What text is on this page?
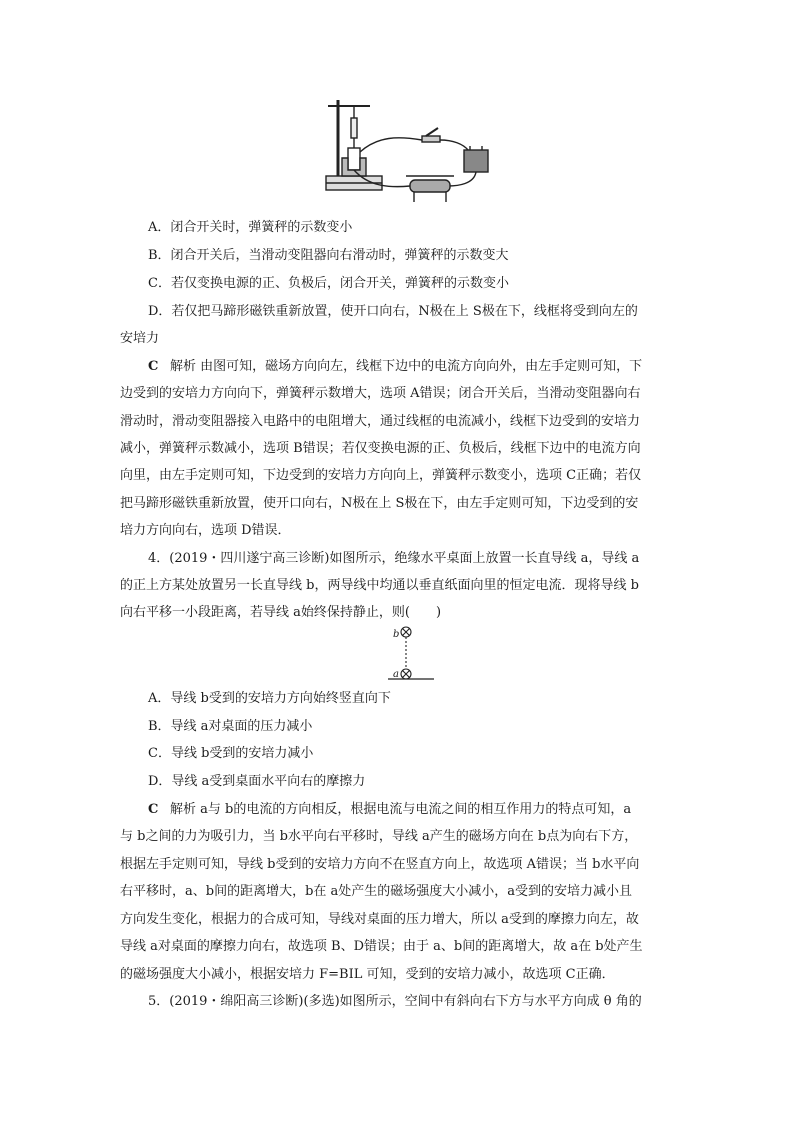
A．闭合开关时，弹簧秤的示数变小
B．闭合开关后，当滑动变阻器向右滑动时，弹簧秤的示数变大
C．若仅变换电源的正、负极后，闭合开关，弹簧秤的示数变小
D．若仅把马蹄形磁铁重新放置，使开口向右，N极在上 S极在下，线框将受到向左的
安培力
C 解析 由图可知，磁场方向向左，线框下边中的电流方向向外，由左手定则可知，下
边受到的安培力方向向下，弹簧秤示数增大，选项 A错误；闭合开关后，当滑动变阻器向右
滑动时，滑动变阻器接入电路中的电阻增大，通过线框的电流减小，线框下边受到的安培力
减小，弹簧秤示数减小，选项 B错误；若仅变换电源的正、负极后，线框下边中的电流方向
向里，由左手定则可知，下边受到的安培力方向向上，弹簧秤示数变小，选项 C正确；若仅
把马蹄形磁铁重新放置，使开口向右，N极在上 S极在下，由左手定则可知，下边受到的安
培力方向向右，选项 D错误．
4．(2019・四川遂宁高三诊断)如图所示，绝缘水平桌面上放置一长直导线 a，导线 a
的正上方某处放置另一长直导线 b，两导线中均通以垂直纸面向里的恒定电流．现将导线 b
向右平移一小段距离，若导线 a始终保持静止，则(　　)
b
a
A．导线 b受到的安培力方向始终竖直向下
B．导线 a对桌面的压力减小
C．导线 b受到的安培力减小
D．导线 a受到桌面水平向右的摩擦力
C 解析 a与 b的电流的方向相反，根据电流与电流之间的相互作用力的特点可知，a
与 b之间的力为吸引力，当 b水平向右平移时，导线 a产生的磁场方向在 b点为向右下方，
根据左手定则可知，导线 b受到的安培力方向不在竖直方向上，故选项 A错误；当 b水平向
右平移时，a、b间的距离增大，b在 a处产生的磁场强度大小减小，a受到的安培力减小且
方向发生变化，根据力的合成可知，导线对桌面的压力增大，所以 a受到的摩擦力向左，故
导线 a对桌面的摩擦力向右，故选项 B、D错误；由于 a、b间的距离增大，故 a在 b处产生
的磁场强度大小减小，根据安培力 F=BIL 可知，受到的安培力减小，故选项 C正确．
5．(2019・绵阳高三诊断)(多选)如图所示，空间中有斜向右下方与水平方向成 θ 角的
